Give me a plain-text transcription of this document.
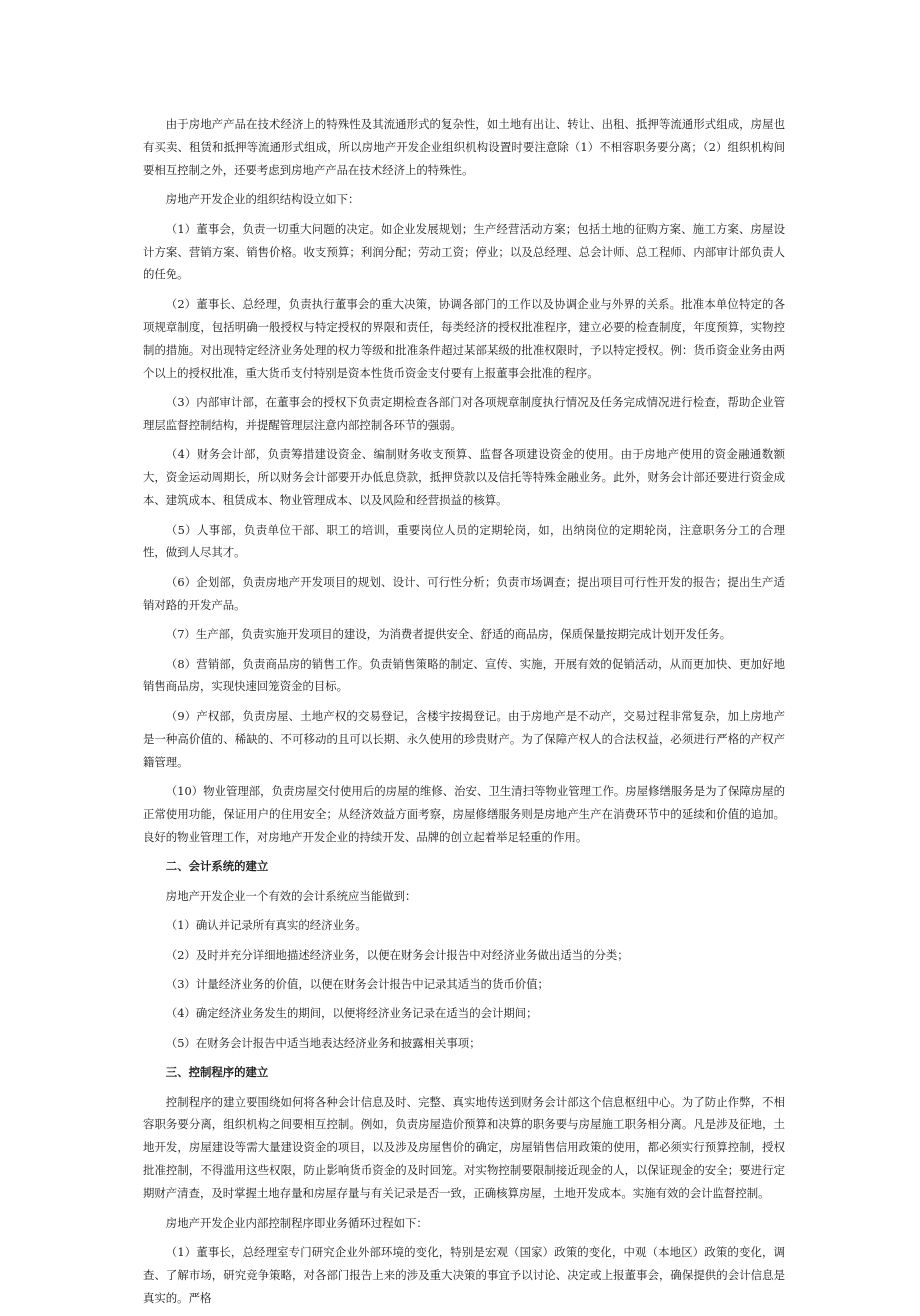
由于房地产产品在技术经济上的特殊性及其流通形式的复杂性，如土地有出让、转让、出租、抵押等流通形式组成，房屋也有买卖、租赁和抵押等流通形式组成，所以房地产开发企业组织机构设置时要注意除（1）不相容职务要分离；（2）组织机构间要相互控制之外，还要考虑到房地产产品在技术经济上的特殊性。

房地产开发企业的组织结构设立如下：

（1）董事会，负责一切重大问题的决定。如企业发展规划；生产经营活动方案；包括土地的征购方案、施工方案、房屋设计方案、营销方案、销售价格。收支预算；利润分配；劳动工资；停业；以及总经理、总会计师、总工程师、内部审计部负责人的任免。

（2）董事长、总经理，负责执行董事会的重大决策，协调各部门的工作以及协调企业与外界的关系。批准本单位特定的各项规章制度，包括明确一般授权与特定授权的界限和责任，每类经济的授权批准程序，建立必要的检查制度，年度预算，实物控制的措施。对出现特定经济业务处理的权力等级和批准条件超过某部某级的批准权限时，予以特定授权。例：货币资金业务由两个以上的授权批准，重大货币支付特别是资本性货币资金支付要有上报董事会批准的程序。

（3）内部审计部，在董事会的授权下负责定期检查各部门对各项规章制度执行情况及任务完成情况进行检查，帮助企业管理层监督控制结构，并提醒管理层注意内部控制各环节的强弱。

（4）财务会计部，负责筹措建设资金、编制财务收支预算、监督各项建设资金的使用。由于房地产使用的资金融通数额大，资金运动周期长，所以财务会计部要开办低息贷款，抵押贷款以及信托等特殊金融业务。此外，财务会计部还要进行资金成本、建筑成本、租赁成本、物业管理成本、以及风险和经营损益的核算。

（5）人事部，负责单位干部、职工的培训，重要岗位人员的定期轮岗，如，出纳岗位的定期轮岗，注意职务分工的合理性，做到人尽其才。

（6）企划部，负责房地产开发项目的规划、设计、可行性分析；负责市场调查；提出项目可行性开发的报告；提出生产适销对路的开发产品。

（7）生产部，负责实施开发项目的建设，为消费者提供安全、舒适的商品房，保质保量按期完成计划开发任务。

（8）营销部，负责商品房的销售工作。负责销售策略的制定、宣传、实施，开展有效的促销活动，从而更加快、更加好地销售商品房，实现快速回笼资金的目标。

（9）产权部，负责房屋、土地产权的交易登记，含楼宇按揭登记。由于房地产是不动产，交易过程非常复杂，加上房地产是一种高价值的、稀缺的、不可移动的且可以长期、永久使用的珍贵财产。为了保障产权人的合法权益，必须进行严格的产权产籍管理。

（10）物业管理部，负责房屋交付使用后的房屋的维修、治安、卫生清扫等物业管理工作。房屋修缮服务是为了保障房屋的正常使用功能，保证用户的住用安全；从经济效益方面考察，房屋修缮服务则是房地产生产在消费环节中的延续和价值的追加。良好的物业管理工作，对房地产开发企业的持续开发、品牌的创立起着举足轻重的作用。

二、会计系统的建立

房地产开发企业一个有效的会计系统应当能做到：

（1）确认并记录所有真实的经济业务。

（2）及时并充分详细地描述经济业务，以便在财务会计报告中对经济业务做出适当的分类；

（3）计量经济业务的价值，以便在财务会计报告中记录其适当的货币价值；

（4）确定经济业务发生的期间，以便将经济业务记录在适当的会计期间；

（5）在财务会计报告中适当地表达经济业务和披露相关事项；

三、控制程序的建立

控制程序的建立要围绕如何将各种会计信息及时、完整、真实地传送到财务会计部这个信息枢纽中心。为了防止作弊，不相容职务要分离，组织机构之间要相互控制。例如，负责房屋造价预算和决算的职务要与房屋施工职务相分离。凡是涉及征地，土地开发，房屋建设等需大量建设资金的项目，以及涉及房屋售价的确定，房屋销售信用政策的使用，都必须实行预算控制，授权批准控制，不得滥用这些权限，防止影响货币资金的及时回笼。对实物控制要限制接近现金的人，以保证现金的安全；要进行定期财产清查，及时掌握土地存量和房屋存量与有关记录是否一致，正确核算房屋，土地开发成本。实施有效的会计监督控制。

房地产开发企业内部控制程序即业务循环过程如下：

（1）董事长，总经理室专门研究企业外部环境的变化，特别是宏观（国家）政策的变化，中观（本地区）政策的变化，调查、了解市场，研究竞争策略，对各部门报告上来的涉及重大决策的事宜予以讨论、决定或上报董事会，确保提供的会计信息是真实的。严格
